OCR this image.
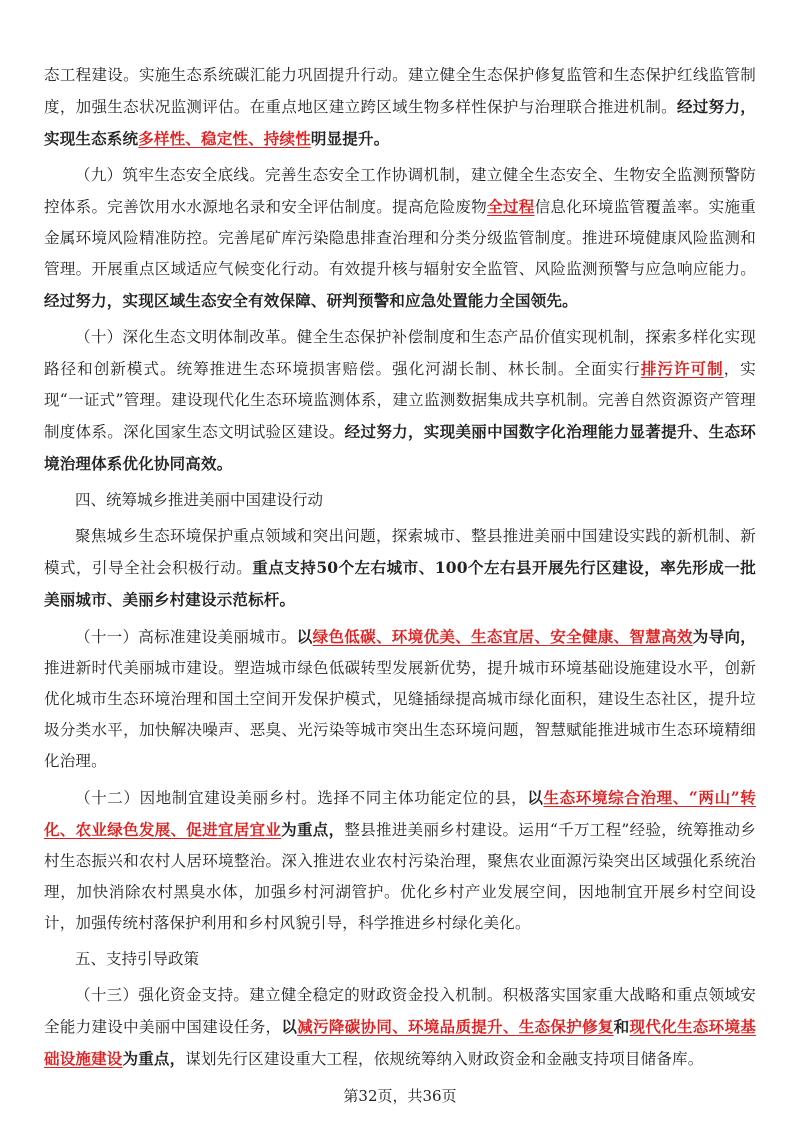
态工程建设。实施生态系统碳汇能力巩固提升行动。建立健全生态保护修复监管和生态保护红线监管制度，加强生态状况监测评估。在重点地区建立跨区域生物多样性保护与治理联合推进机制。经过努力，实现生态系统多样性、稳定性、持续性明显提升。

（九）筑牢生态安全底线。完善生态安全工作协调机制，建立健全生态安全、生物安全监测预警防控体系。完善饮用水水源地名录和安全评估制度。提高危险废物全过程信息化环境监管覆盖率。实施重金属环境风险精准防控。完善尾矿库污染隐患排查治理和分类分级监管制度。推进环境健康风险监测和管理。开展重点区域适应气候变化行动。有效提升核与辐射安全监管、风险监测预警与应急响应能力。经过努力，实现区域生态安全有效保障、研判预警和应急处置能力全国领先。

（十）深化生态文明体制改革。健全生态保护补偿制度和生态产品价值实现机制，探索多样化实现路径和创新模式。统筹推进生态环境损害赔偿。强化河湖长制、林长制。全面实行排污许可制，实现“一证式”管理。建设现代化生态环境监测体系，建立监测数据集成共享机制。完善自然资源资产管理制度体系。深化国家生态文明试验区建设。经过努力，实现美丽中国数字化治理能力显著提升、生态环境治理体系优化协同高效。

四、统筹城乡推进美丽中国建设行动

聚焦城乡生态环境保护重点领域和突出问题，探索城市、整县推进美丽中国建设实践的新机制、新模式，引导全社会积极行动。重点支持50个左右城市、100个左右县开展先行区建设，率先形成一批美丽城市、美丽乡村建设示范标杆。

（十一）高标准建设美丽城市。以绿色低碳、环境优美、生态宜居、安全健康、智慧高效为导向，推进新时代美丽城市建设。塑造城市绿色低碳转型发展新优势，提升城市环境基础设施建设水平，创新优化城市生态环境治理和国土空间开发保护模式，见缝插绿提高城市绿化面积，建设生态社区，提升垃圾分类水平，加快解决噪声、恶臭、光污染等城市突出生态环境问题，智慧赋能推进城市生态环境精细化治理。

（十二）因地制宜建设美丽乡村。选择不同主体功能定位的县，以生态环境综合治理、“两山”转化、农业绿色发展、促进宜居宜业为重点，整县推进美丽乡村建设。运用“千万工程”经验，统筹推动乡村生态振兴和农村人居环境整治。深入推进农业农村污染治理，聚焦农业面源污染突出区域强化系统治理，加快消除农村黑臭水体，加强乡村河湖管护。优化乡村产业发展空间，因地制宜开展乡村空间设计，加强传统村落保护利用和乡村风貌引导，科学推进乡村绿化美化。

五、支持引导政策

（十三）强化资金支持。建立健全稳定的财政资金投入机制。积极落实国家重大战略和重点领域安全能力建设中美丽中国建设任务，以减污降碳协同、环境品质提升、生态保护修复和现代化生态环境基础设施建设为重点，谋划先行区建设重大工程，依规统筹纳入财政资金和金融支持项目储备库。

第32页，共36页
